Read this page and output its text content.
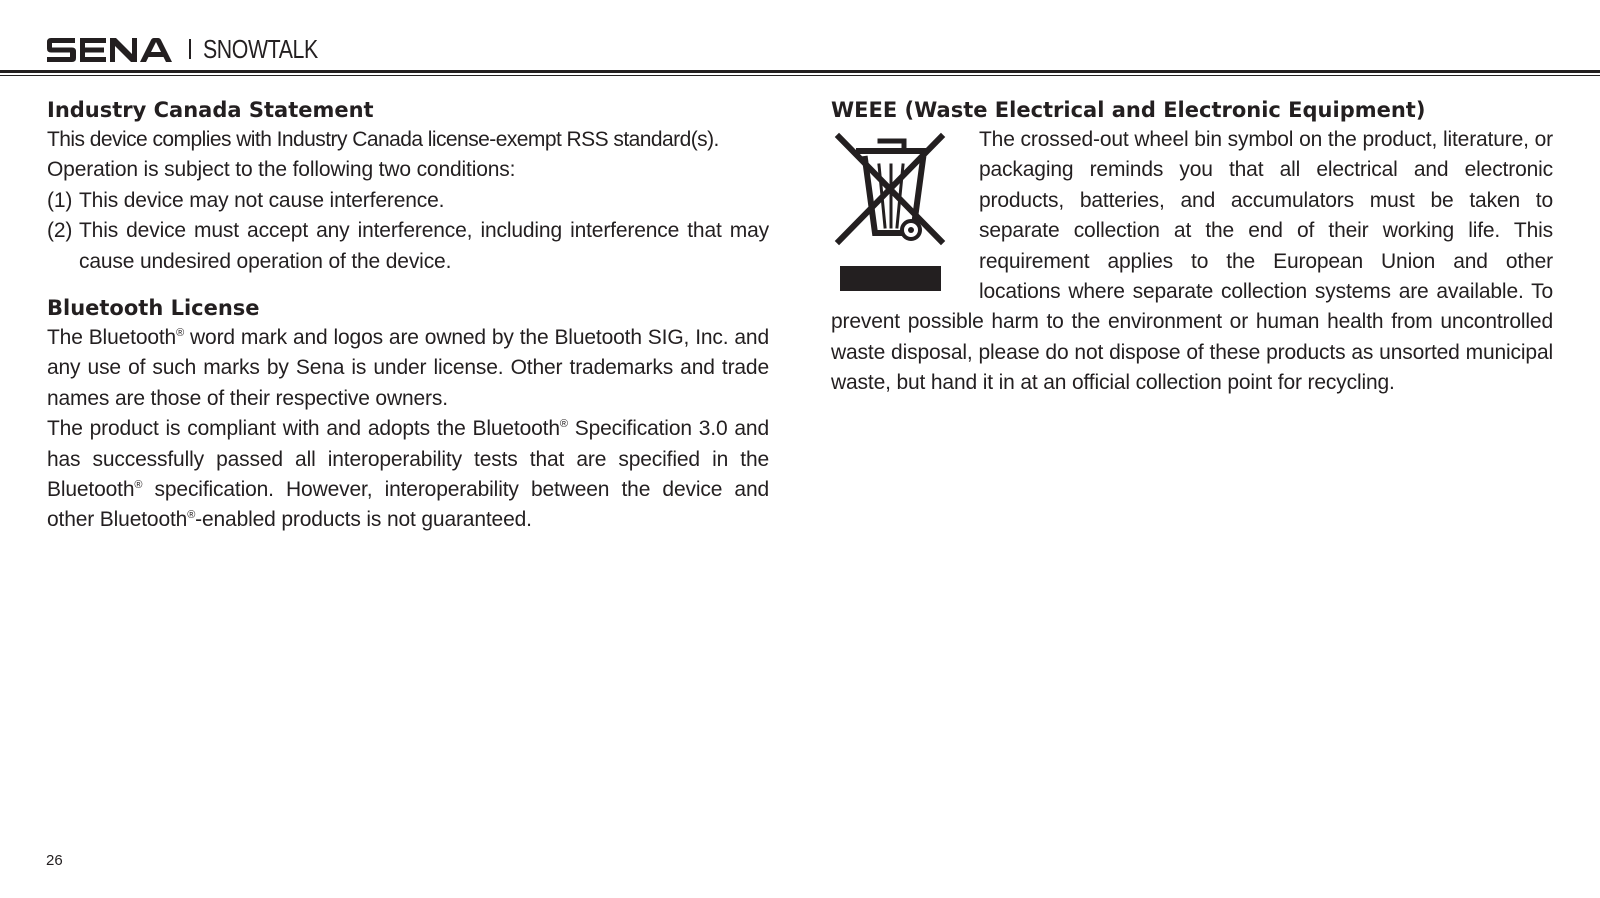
SNOWTALK
Industry Canada Statement

This device complies with Industry Canada license-exempt RSS standard(s).

Operation is subject to the following two conditions:

(1) This device may not cause interference.
(2) This device must accept any interference, including interference that may cause undesired operation of the device.
Bluetooth License

The Bluetooth® word mark and logos are owned by the Bluetooth SIG, Inc. and any use of such marks by Sena is under license. Other trademarks and trade names are those of their respective owners.

The product is compliant with and adopts the Bluetooth® Specification 3.0 and has successfully passed all interoperability tests that are specified in the Bluetooth® specification. However, interoperability between the device and other Bluetooth®-enabled products is not guaranteed.

WEEE (Waste Electrical and Electronic Equipment)

The crossed-out wheel bin symbol on the product, literature, or packaging reminds you that all electrical and electronic products, batteries, and accumulators must be taken to separate collection at the end of their working life. This requirement applies to the European Union and other locations where separate collection systems are available. To prevent possible harm to the environment or human health from uncontrolled waste disposal, please do not dispose of these products as unsorted municipal waste, but hand it in at an official collection point for recycling.

26
